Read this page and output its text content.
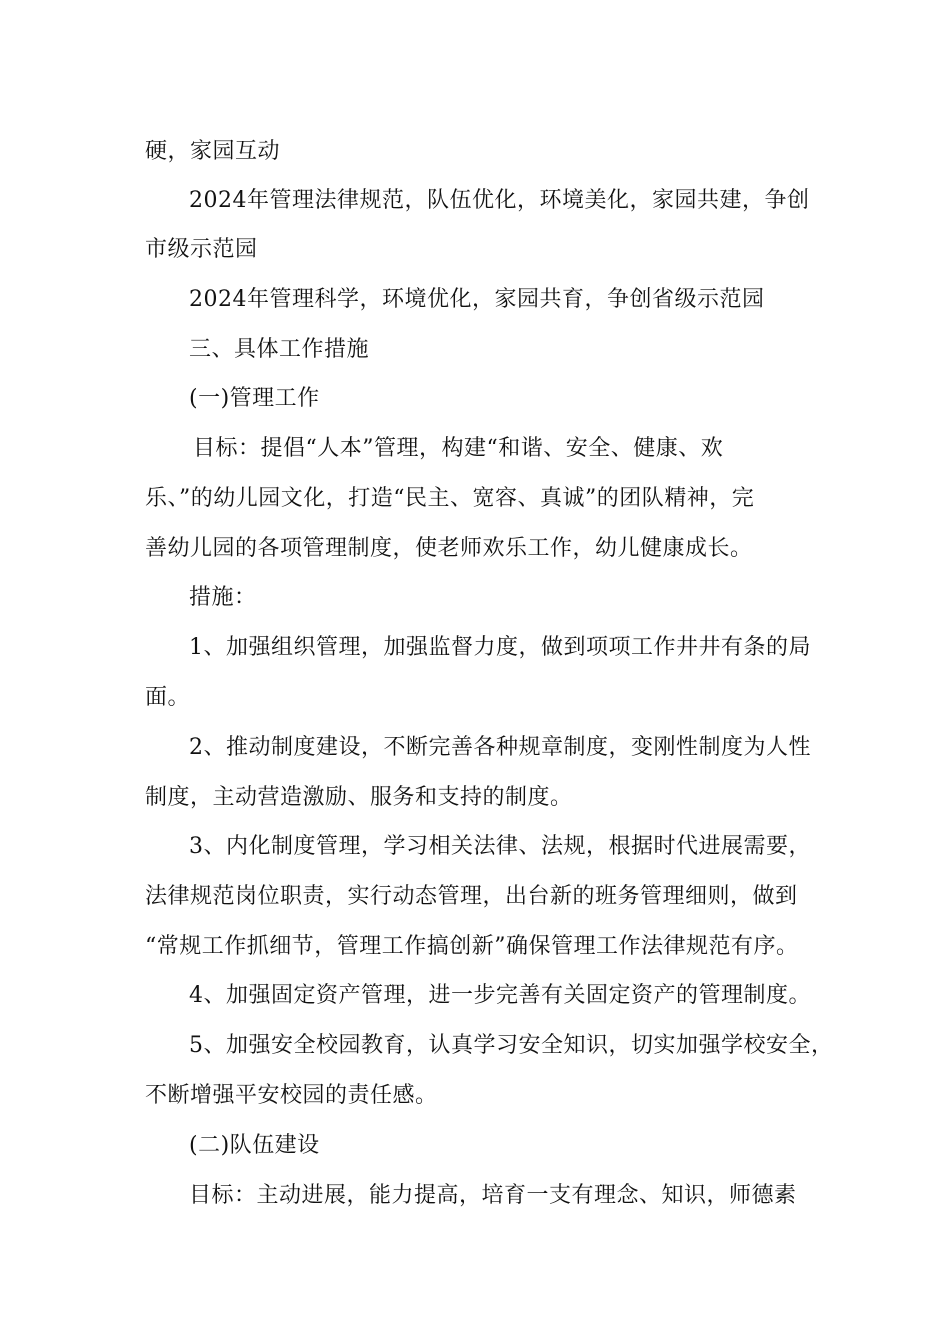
硬，家园互动
2024年管理法律规范，队伍优化，环境美化，家园共建，争创
市级示范园
2024年管理科学，环境优化，家园共育，争创省级示范园
三、具体工作措施
(一)管理工作
目标：提倡“人本”管理，构建“和谐、安全、健康、欢
乐、”的幼儿园文化，打造“民主、宽容、真诚”的团队精神，完
善幼儿园的各项管理制度，使老师欢乐工作，幼儿健康成长。
措施：
1、加强组织管理，加强监督力度，做到项项工作井井有条的局
面。
2、推动制度建设，不断完善各种规章制度，变刚性制度为人性
制度，主动营造激励、服务和支持的制度。
3、内化制度管理，学习相关法律、法规，根据时代进展需要，
法律规范岗位职责，实行动态管理，出台新的班务管理细则，做到
“常规工作抓细节，管理工作搞创新”确保管理工作法律规范有序。
4、加强固定资产管理，进一步完善有关固定资产的管理制度。
5、加强安全校园教育，认真学习安全知识，切实加强学校安全，
不断增强平安校园的责任感。
(二)队伍建设
目标：主动进展，能力提高，培育一支有理念、知识，师德素
